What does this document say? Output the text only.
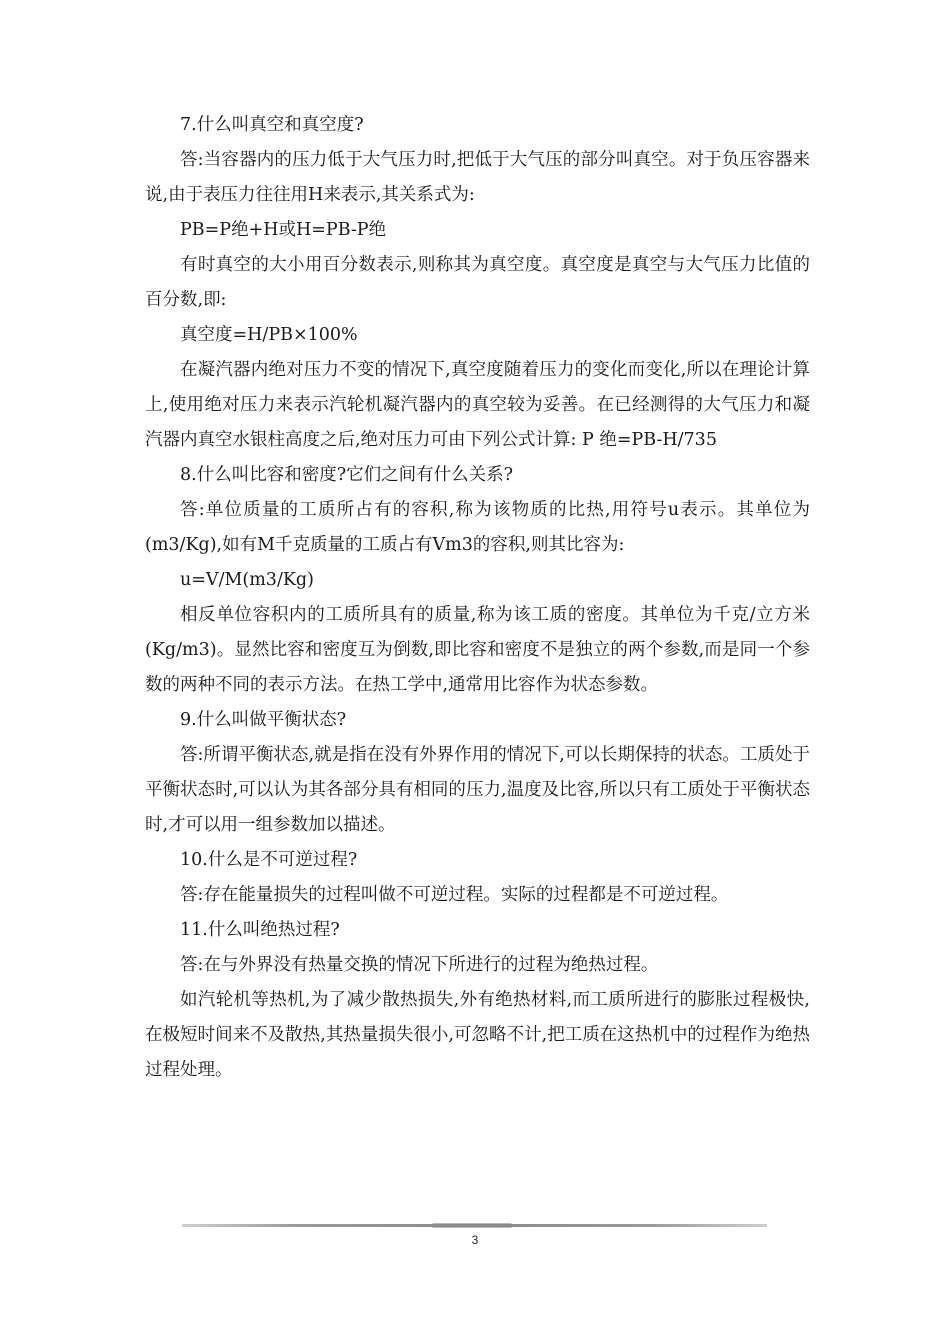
7.什么叫真空和真空度?

答:当容器内的压力低于大气压力时,把低于大气压的部分叫真空。对于负压容器来说,由于表压力往往用H来表示,其关系式为:

PB=P绝+H或H=PB-P绝

有时真空的大小用百分数表示,则称其为真空度。真空度是真空与大气压力比值的百分数,即:

真空度=H/PB×100%

在凝汽器内绝对压力不变的情况下,真空度随着压力的变化而变化,所以在理论计算上,使用绝对压力来表示汽轮机凝汽器内的真空较为妥善。在已经测得的大气压力和凝汽器内真空水银柱高度之后,绝对压力可由下列公式计算: P 绝=PB-H/735

8.什么叫比容和密度?它们之间有什么关系?

答:单位质量的工质所占有的容积,称为该物质的比热,用符号u表示。其单位为(m3/Kg),如有M千克质量的工质占有Vm3的容积,则其比容为:

u=V/M(m3/Kg)

相反单位容积内的工质所具有的质量,称为该工质的密度。其单位为千克/立方米(Kg/m3)。显然比容和密度互为倒数,即比容和密度不是独立的两个参数,而是同一个参数的两种不同的表示方法。在热工学中,通常用比容作为状态参数。

9.什么叫做平衡状态?

答:所谓平衡状态,就是指在没有外界作用的情况下,可以长期保持的状态。工质处于平衡状态时,可以认为其各部分具有相同的压力,温度及比容,所以只有工质处于平衡状态时,才可以用一组参数加以描述。

10.什么是不可逆过程?

答:存在能量损失的过程叫做不可逆过程。实际的过程都是不可逆过程。

11.什么叫绝热过程?

答:在与外界没有热量交换的情况下所进行的过程为绝热过程。

如汽轮机等热机,为了减少散热损失,外有绝热材料,而工质所进行的膨胀过程极快,在极短时间来不及散热,其热量损失很小,可忽略不计,把工质在这热机中的过程作为绝热过程处理。

3
